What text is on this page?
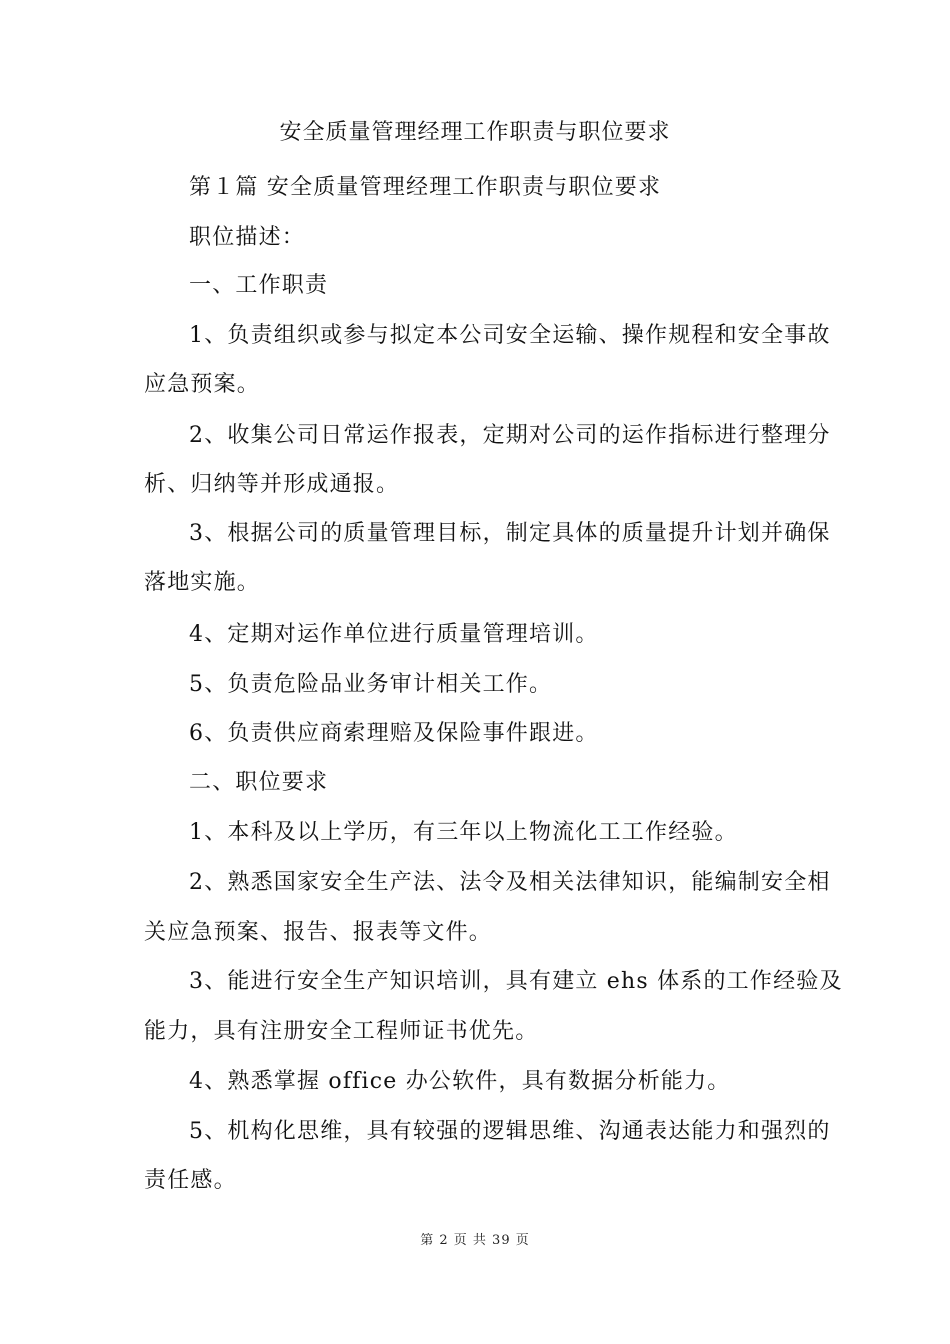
安全质量管理经理工作职责与职位要求
第１篇 安全质量管理经理工作职责与职位要求
职位描述：
一、工作职责
1、负责组织或参与拟定本公司安全运输、操作规程和安全事故
应急预案。
2、收集公司日常运作报表，定期对公司的运作指标进行整理分
析、归纳等并形成通报。
3、根据公司的质量管理目标，制定具体的质量提升计划并确保
落地实施。
4、定期对运作单位进行质量管理培训。
5、负责危险品业务审计相关工作。
6、负责供应商索理赔及保险事件跟进。
二、职位要求
1、本科及以上学历，有三年以上物流化工工作经验。
2、熟悉国家安全生产法、法令及相关法律知识，能编制安全相
关应急预案、报告、报表等文件。
3、能进行安全生产知识培训，具有建立 ehs 体系的工作经验及
能力，具有注册安全工程师证书优先。
4、熟悉掌握 office 办公软件，具有数据分析能力。
5、机构化思维，具有较强的逻辑思维、沟通表达能力和强烈的
责任感。
第 2 页 共 39 页
